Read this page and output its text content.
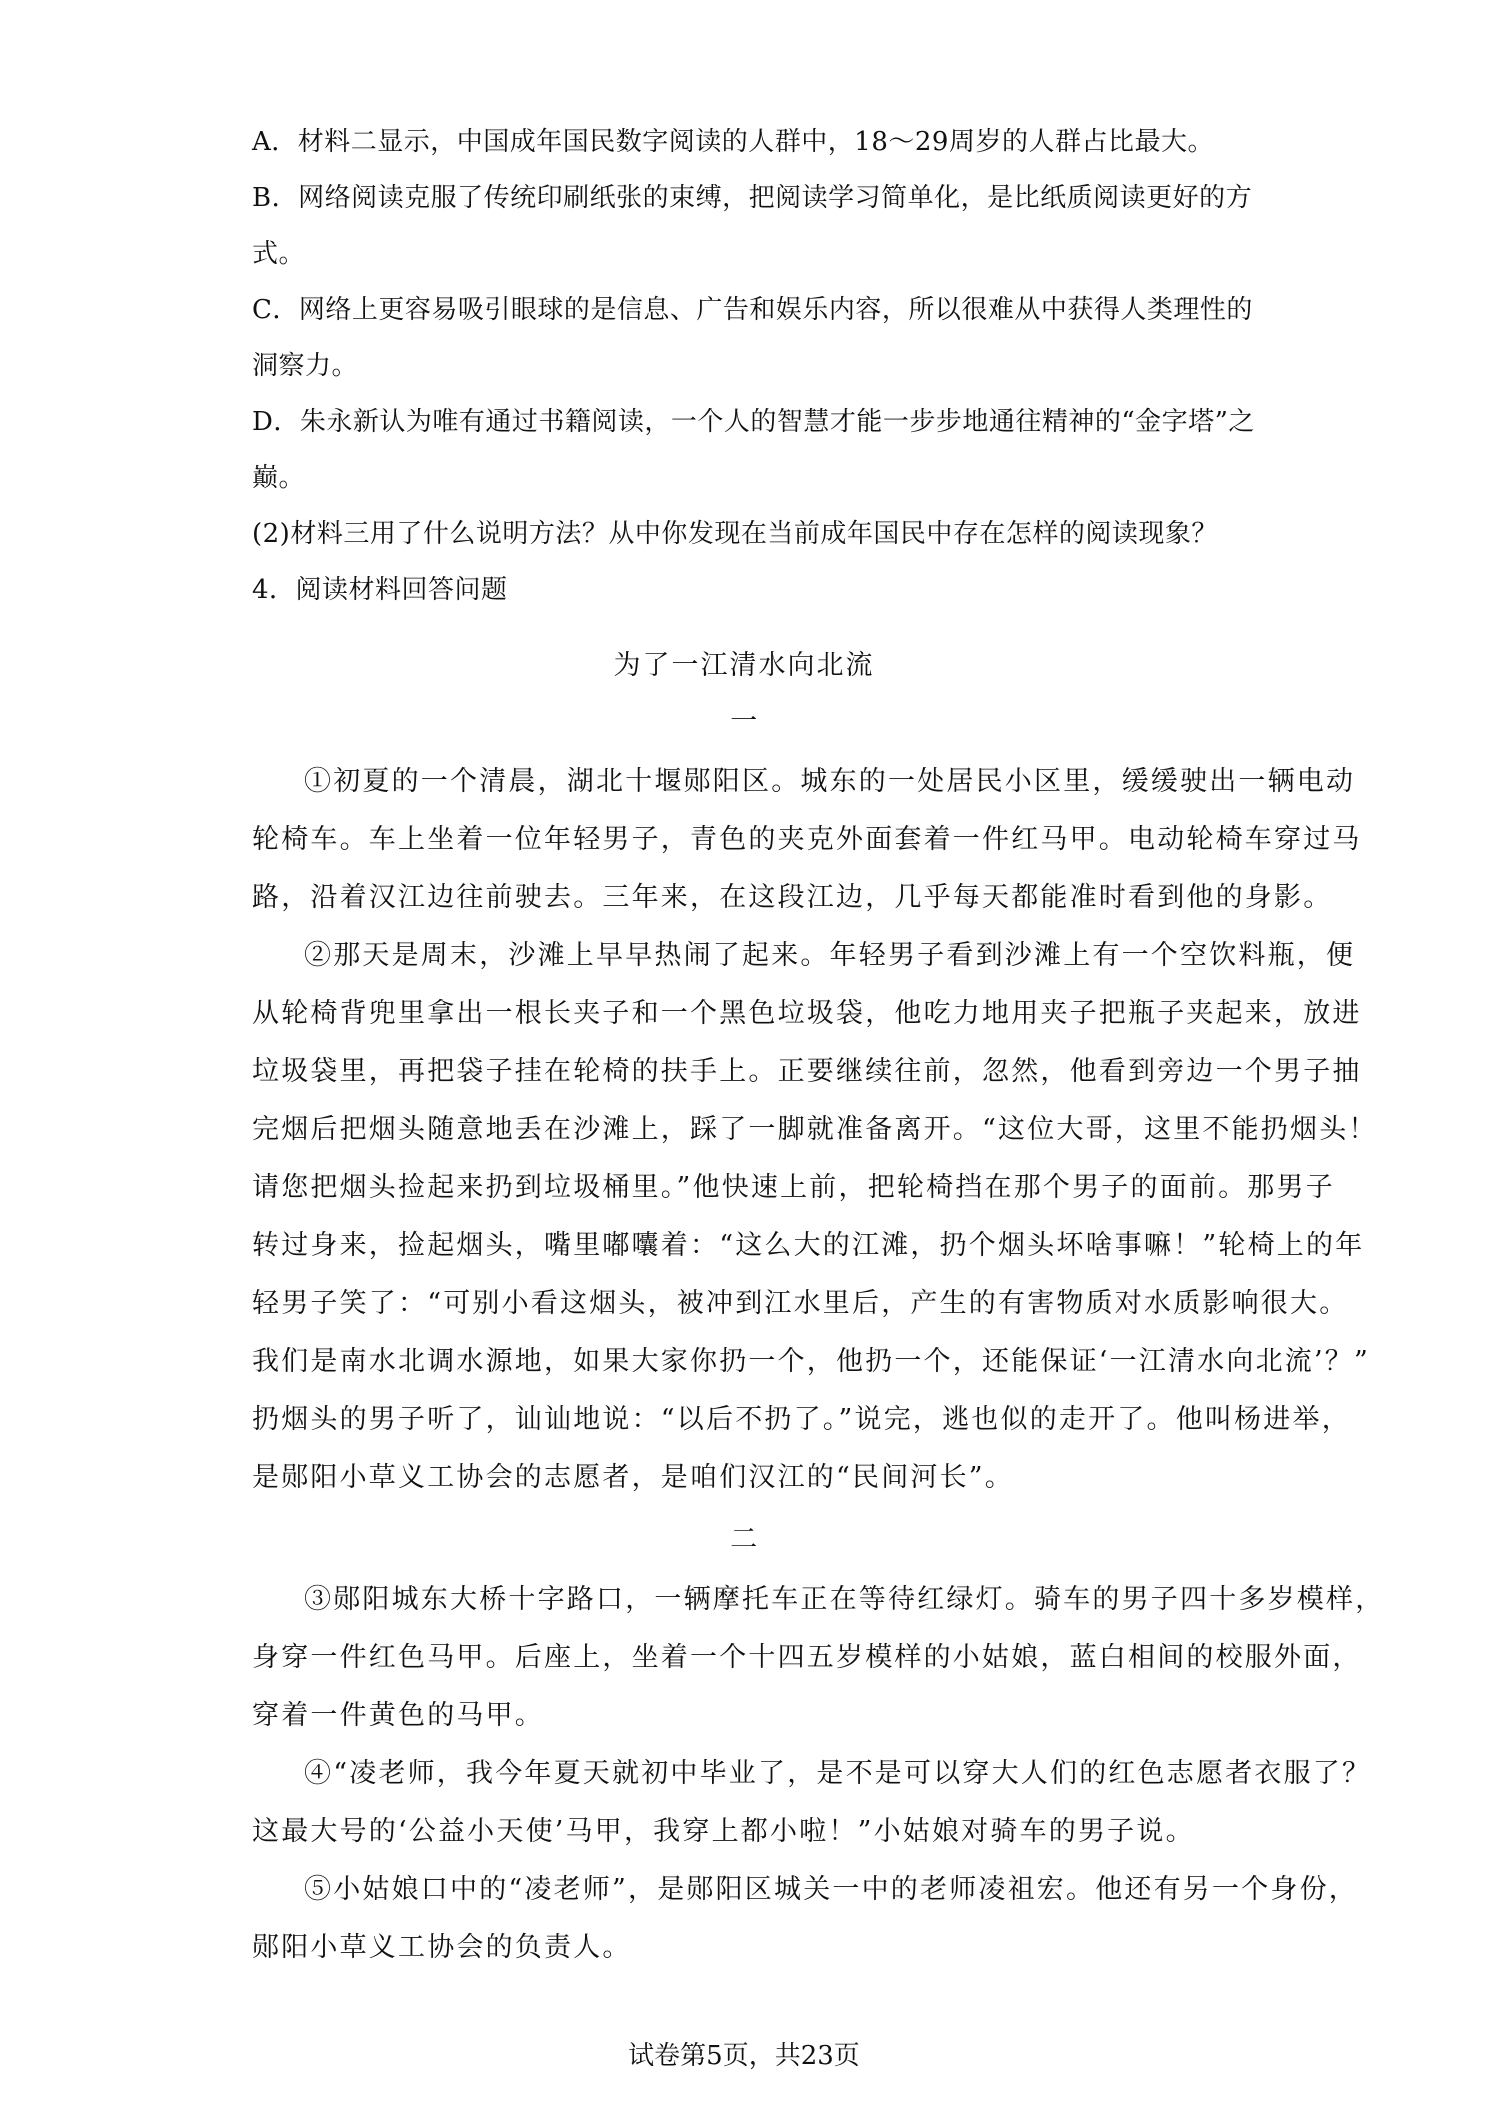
A．材料二显示，中国成年国民数字阅读的人群中，18～29周岁的人群占比最大。
B．网络阅读克服了传统印刷纸张的束缚，把阅读学习简单化，是比纸质阅读更好的方
式。
C．网络上更容易吸引眼球的是信息、广告和娱乐内容，所以很难从中获得人类理性的
洞察力。
D．朱永新认为唯有通过书籍阅读，一个人的智慧才能一步步地通往精神的“金字塔”之
巅。
(2)材料三用了什么说明方法？从中你发现在当前成年国民中存在怎样的阅读现象？
4．阅读材料回答问题
为了一江清水向北流
一
①初夏的一个清晨，湖北十堰郧阳区。城东的一处居民小区里，缓缓驶出一辆电动
轮椅车。车上坐着一位年轻男子，青色的夹克外面套着一件红马甲。电动轮椅车穿过马
路，沿着汉江边往前驶去。三年来，在这段江边，几乎每天都能准时看到他的身影。
②那天是周末，沙滩上早早热闹了起来。年轻男子看到沙滩上有一个空饮料瓶，便
从轮椅背兜里拿出一根长夹子和一个黑色垃圾袋，他吃力地用夹子把瓶子夹起来，放进
垃圾袋里，再把袋子挂在轮椅的扶手上。正要继续往前，忽然，他看到旁边一个男子抽
完烟后把烟头随意地丢在沙滩上，踩了一脚就准备离开。“这位大哥，这里不能扔烟头！
请您把烟头捡起来扔到垃圾桶里。”他快速上前，把轮椅挡在那个男子的面前。那男子
转过身来，捡起烟头，嘴里嘟囔着：“这么大的江滩，扔个烟头坏啥事嘛！”轮椅上的年
轻男子笑了：“可别小看这烟头，被冲到江水里后，产生的有害物质对水质影响很大。
我们是南水北调水源地，如果大家你扔一个，他扔一个，还能保证‘一江清水向北流’？”
扔烟头的男子听了，讪讪地说：“以后不扔了。”说完，逃也似的走开了。他叫杨进举，
是郧阳小草义工协会的志愿者，是咱们汉江的“民间河长”。
二
③郧阳城东大桥十字路口，一辆摩托车正在等待红绿灯。骑车的男子四十多岁模样，
身穿一件红色马甲。后座上，坐着一个十四五岁模样的小姑娘，蓝白相间的校服外面，
穿着一件黄色的马甲。
④“凌老师，我今年夏天就初中毕业了，是不是可以穿大人们的红色志愿者衣服了？
这最大号的‘公益小天使’马甲，我穿上都小啦！”小姑娘对骑车的男子说。
⑤小姑娘口中的“凌老师”，是郧阳区城关一中的老师凌祖宏。他还有另一个身份，
郧阳小草义工协会的负责人。
试卷第5页，共23页
